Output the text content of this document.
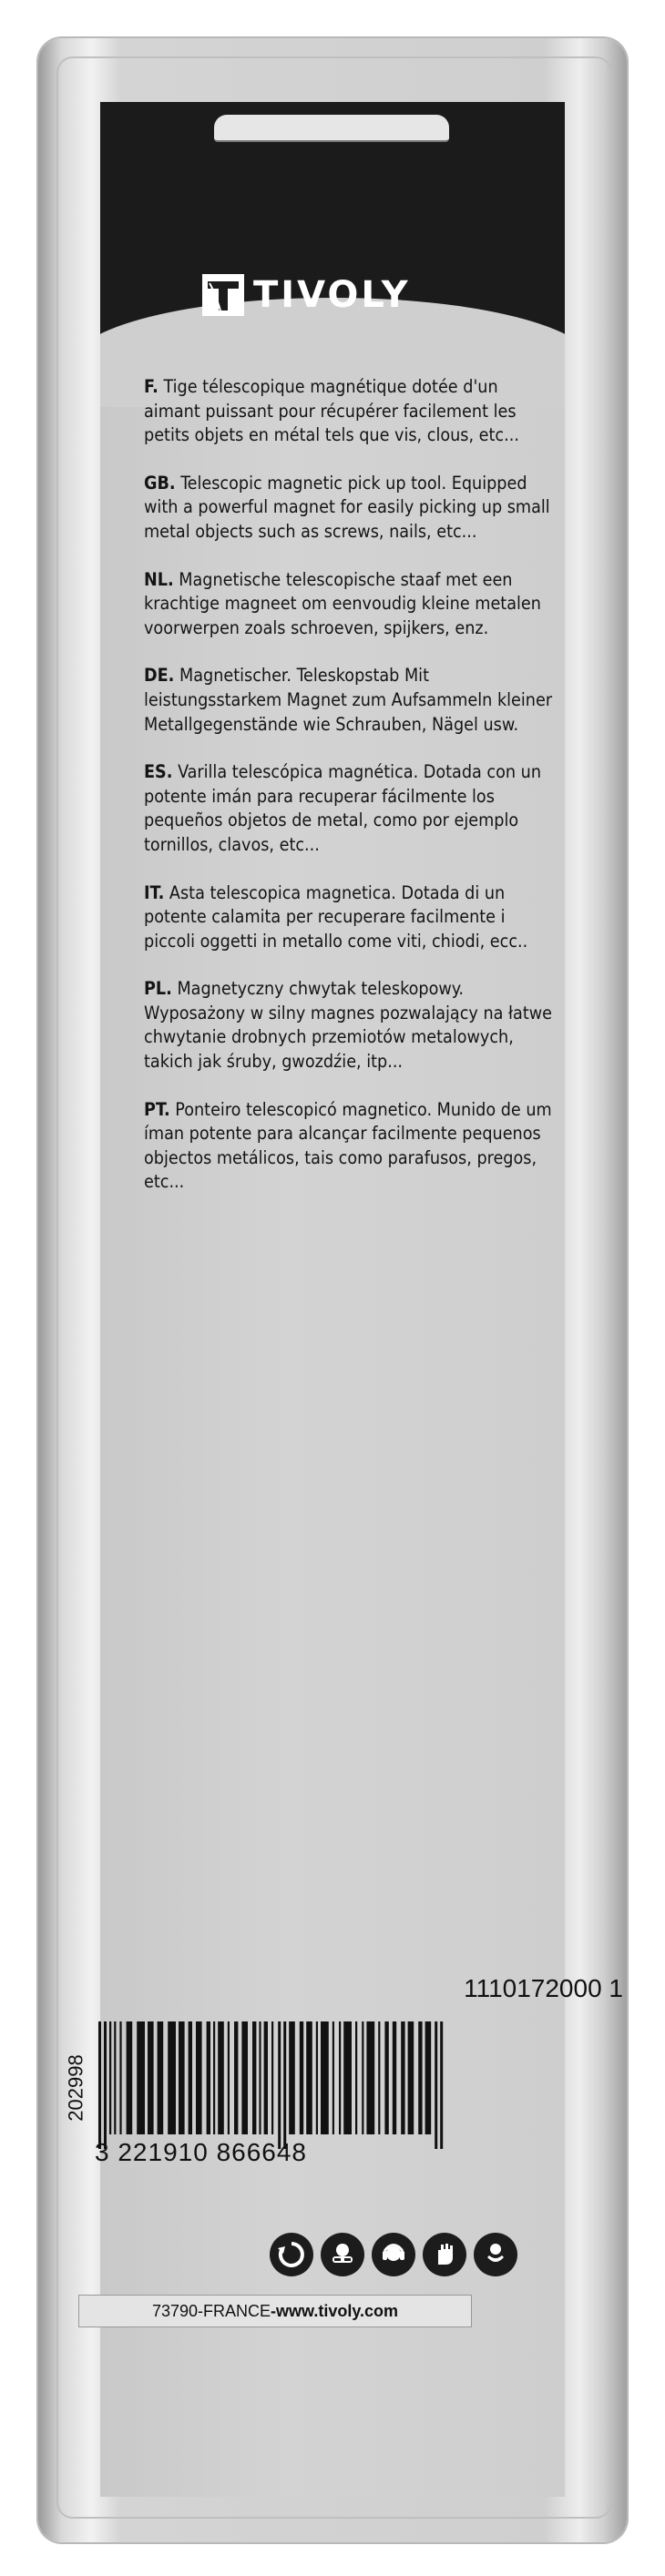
F. Tige télescopique magnétique dotée d'un aimant puissant pour récupérer facilement les petits objets en métal tels que vis, clous, etc...

GB. Telescopic magnetic pick up tool. Equipped with a powerful magnet for easily picking up small metal objects such as screws, nails, etc...

NL. Magnetische telescopische staaf met een krachtige magneet om eenvoudig kleine metalen voorwerpen zoals schroeven, spijkers, enz.

DE. Magnetischer. Teleskopstab Mit leistungsstarkem Magnet zum Aufsammeln kleiner Metallgegenstände wie Schrauben, Nägel usw.

ES. Varilla telescópica magnética. Dotada con un potente imán para recuperar fácilmente los pequeños objetos de metal, como por ejemplo tornillos, clavos, etc...

IT. Asta telescopica magnetica. Dotada di un potente calamita per recuperare facilmente i piccoli oggetti in metallo come viti, chiodi, ecc..

PL. Magnetyczny chwytak teleskopowy. Wyposażony w silny magnes pozwalający na łatwe chwytanie drobnych przemiotów metalowych, takich jak śruby, gwozdźie, itp...

PT. Ponteiro telescopicó magnetico. Munido de um íman potente para alcançar facilmente pequenos objectos metálicos, tais como parafusos, pregos, etc...

TIVOLY
1110172000 1
202998
3 221910 866648
73790 - FRANCE - www.tivoly.com
